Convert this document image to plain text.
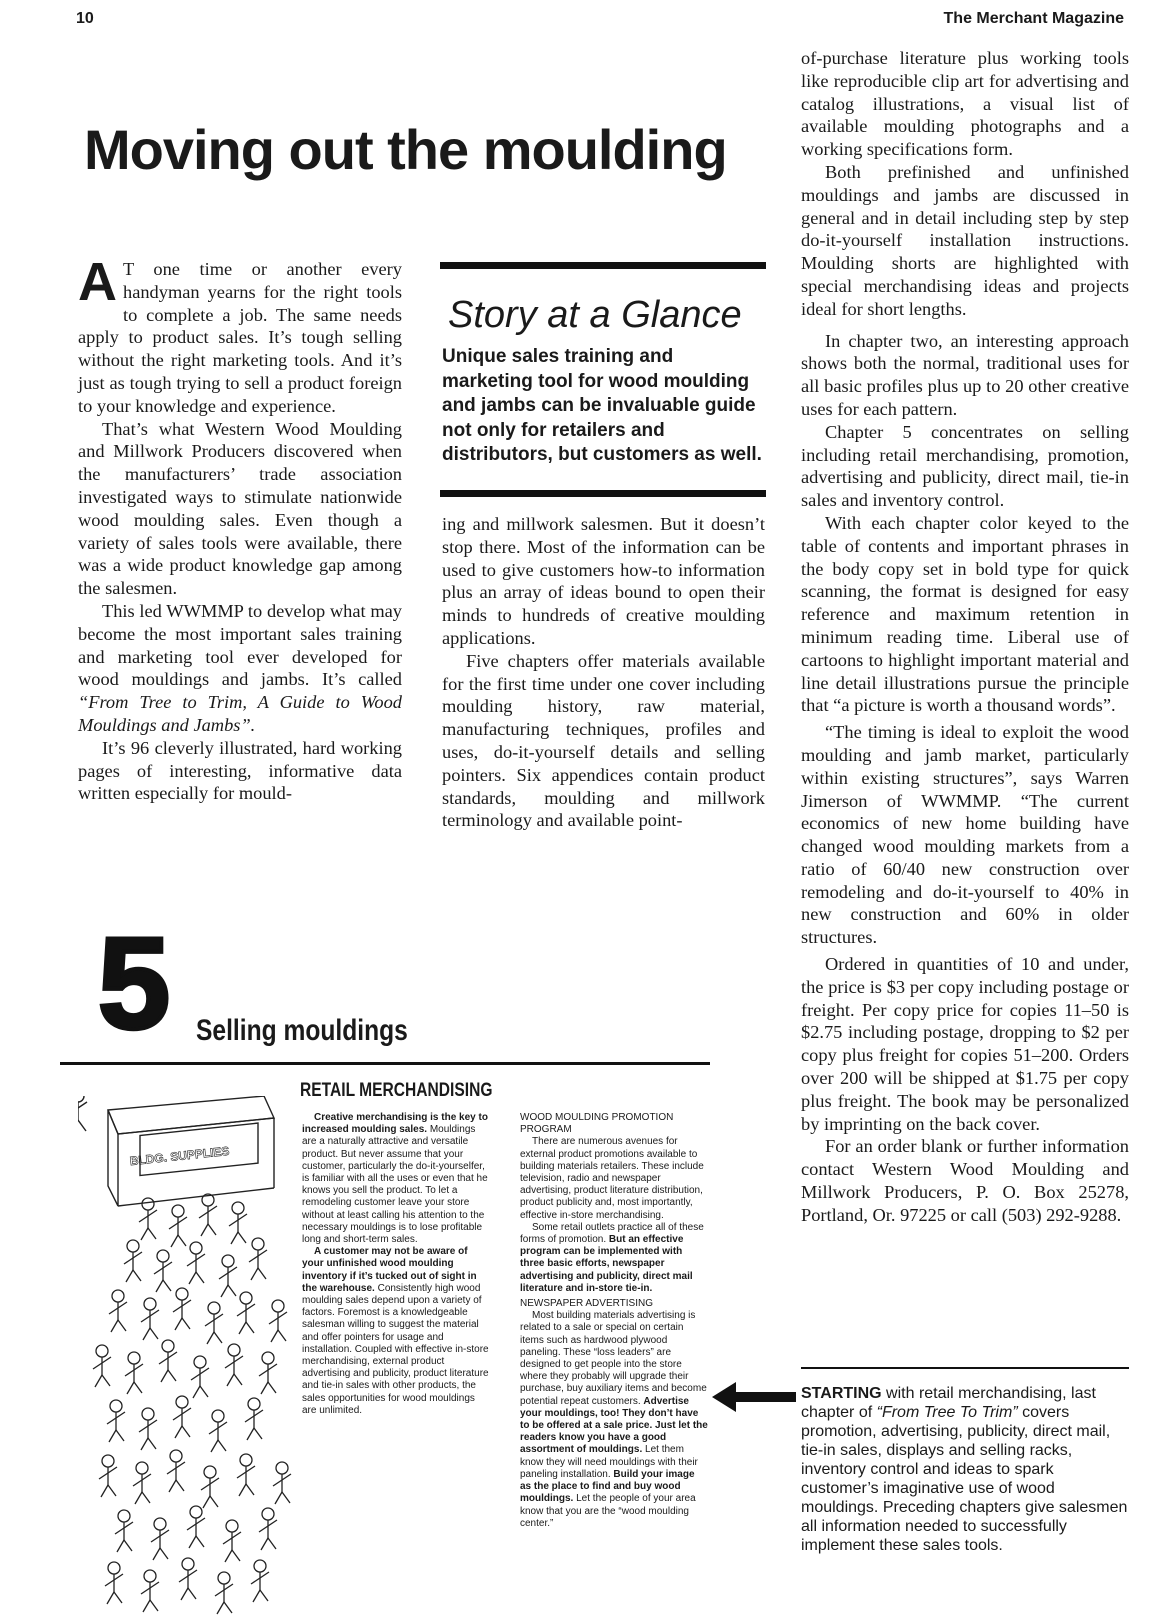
10	The Merchant Magazine
Moving out the moulding

A T one time or another every handyman yearns for the right tools to complete a job. The same needs apply to product sales. It’s tough selling without the right marketing tools. And it’s just as tough trying to sell a product foreign to your knowledge and experience.

That’s what Western Wood Moulding and Millwork Producers discovered when the manufacturers’ trade association investigated ways to stimulate nationwide wood moulding sales. Even though a variety of sales tools were available, there was a wide product knowledge gap among the salesmen.

This led WWMMP to develop what may become the most important sales training and marketing tool ever developed for wood mouldings and jambs. It’s called “From Tree to Trim, A Guide to Wood Mouldings and Jambs”.

It’s 96 cleverly illustrated, hard working pages of interesting, informative data written especially for mould-

Story at a Glance
Unique sales training and marketing tool for wood moulding and jambs can be invaluable guide not only for retailers and distributors, but customers as well.

ing and millwork salesmen. But it doesn’t stop there. Most of the information can be used to give customers how-to information plus an array of ideas bound to open their minds to hundreds of creative moulding applications.

Five chapters offer materials available for the first time under one cover including moulding history, raw material, manufacturing techniques, profiles and uses, do-it-yourself details and selling pointers. Six appendices contain product standards, moulding and millwork terminology and available point-

of-purchase literature plus working tools like reproducible clip art for advertising and catalog illustrations, a visual list of available moulding photographs and a working specifications form.

Both prefinished and unfinished mouldings and jambs are discussed in general and in detail including step by step do-it-yourself installation instructions. Moulding shorts are highlighted with special merchandising ideas and projects ideal for short lengths.

In chapter two, an interesting approach shows both the normal, traditional uses for all basic profiles plus up to 20 other creative uses for each pattern.

Chapter 5 concentrates on selling including retail merchandising, promotion, advertising and publicity, direct mail, tie-in sales and inventory control.

With each chapter color keyed to the table of contents and important phrases in the body copy set in bold type for quick scanning, the format is designed for easy reference and maximum retention in minimum reading time. Liberal use of cartoons to highlight important material and line detail illustrations pursue the principle that “a picture is worth a thousand words”.

“The timing is ideal to exploit the wood moulding and jamb market, particularly within existing structures”, says Warren Jimerson of WWMMP. “The current economics of new home building have changed wood moulding markets from a ratio of 60/40 new construction over remodeling and do-it-yourself to 40% in new construction and 60% in older structures.

Ordered in quantities of 10 and under, the price is $3 per copy including postage or freight. Per copy price for copies 11–50 is $2.75 including postage, dropping to $2 per copy plus freight for copies 51–200. Orders over 200 will be shipped at $1.75 per copy plus freight. The book may be personalized by imprinting on the back cover.

For an order blank or further information contact Western Wood Moulding and Millwork Producers, P. O. Box 25278, Portland, Or. 97225 or call (503) 292-9288.

STARTING with retail merchandising, last chapter of “From Tree To Trim” covers promotion, advertising, publicity, direct mail, tie-in sales, displays and selling racks, inventory control and ideas to spark customer’s imaginative use of wood mouldings. Preceding chapters give salesmen all information needed to successfully implement these sales tools.
5 Selling mouldings
RETAIL MERCHANDISING
BLDG. SUPPLIES

Creative merchandising is the key to increased moulding sales. Mouldings are a naturally attractive and versatile product. But never assume that your customer, particularly the do-it-yourselfer, is familiar with all the uses or even that he knows you sell the product. To let a remodeling customer leave your store without at least calling his attention to the necessary mouldings is to lose profitable long and short-term sales.

A customer may not be aware of your unfinished wood moulding inventory if it’s tucked out of sight in the warehouse. Consistently high wood moulding sales depend upon a variety of factors. Foremost is a knowledgeable salesman willing to suggest the material and offer pointers for usage and installation. Coupled with effective in-store merchandising, external product advertising and publicity, product literature and tie-in sales with other products, the sales opportunities for wood mouldings are unlimited.

WOOD MOULDING PROMOTION PROGRAM

There are numerous avenues for external product promotions available to building materials retailers. These include television, radio and newspaper advertising, product literature distribution, product publicity and, most importantly, effective in-store merchandising.

Some retail outlets practice all of these forms of promotion. But an effective program can be implemented with three basic efforts, newspaper advertising and publicity, direct mail literature and in-store tie-in.

NEWSPAPER ADVERTISING

Most building materials advertising is related to a sale or special on certain items such as hardwood plywood paneling. These “loss leaders” are designed to get people into the store where they probably will upgrade their purchase, buy auxiliary items and become potential repeat customers. Advertise your mouldings, too! They don’t have to be offered at a sale price. Just let the readers know you have a good assortment of mouldings. Let them know they will need mouldings with their paneling installation. Build your image as the place to find and buy wood mouldings. Let the people of your area know that you are the “wood moulding center.”
